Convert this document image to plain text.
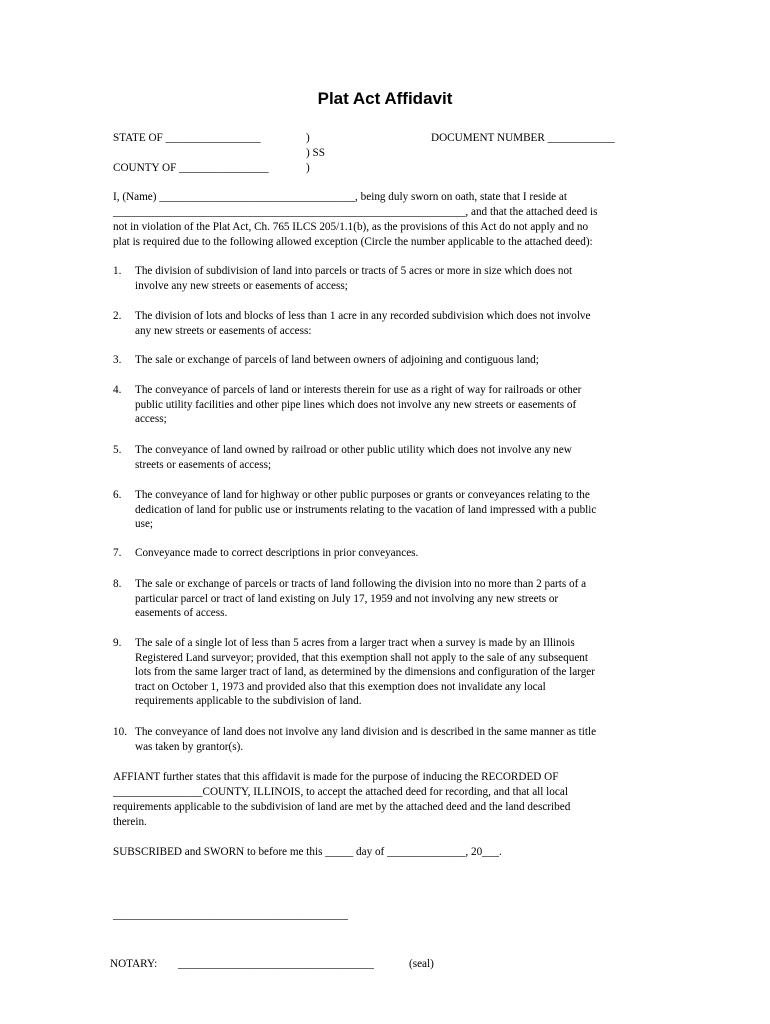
Plat Act Affidavit
STATE OF _________________	)	DOCUMENT NUMBER ____________
) SS
COUNTY OF ________________	)
I, (Name) ___________________________________, being duly sworn on oath, state that I reside at
_______________________________________________________________, and that the attached deed is
not in violation of the Plat Act, Ch. 765 ILCS 205/1.1(b), as the provisions of this Act do not apply and no
plat is required due to the following allowed exception (Circle the number applicable to the attached deed):
1. The division of subdivision of land into parcels or tracts of 5 acres or more in size which does not
involve any new streets or easements of access;
2. The division of lots and blocks of less than 1 acre in any recorded subdivision which does not involve
any new streets or easements of access:
3. The sale or exchange of parcels of land between owners of adjoining and contiguous land;
4. The conveyance of parcels of land or interests therein for use as a right of way for railroads or other
public utility facilities and other pipe lines which does not involve any new streets or easements of
access;
5. The conveyance of land owned by railroad or other public utility which does not involve any new
streets or easements of access;
6. The conveyance of land for highway or other public purposes or grants or conveyances relating to the
dedication of land for public use or instruments relating to the vacation of land impressed with a public
use;
7. Conveyance made to correct descriptions in prior conveyances.
8. The sale or exchange of parcels or tracts of land following the division into no more than 2 parts of a
particular parcel or tract of land existing on July 17, 1959 and not involving any new streets or
easements of access.
9. The sale of a single lot of less than 5 acres from a larger tract when a survey is made by an Illinois
Registered Land surveyor; provided, that this exemption shall not apply to the sale of any subsequent
lots from the same larger tract of land, as determined by the dimensions and configuration of the larger
tract on October 1, 1973 and provided also that this exemption does not invalidate any local
requirements applicable to the subdivision of land.
10. The conveyance of land does not involve any land division and is described in the same manner as title
was taken by grantor(s).
AFFIANT further states that this affidavit is made for the purpose of inducing the RECORDED OF
________________COUNTY, ILLINOIS, to accept the attached deed for recording, and that all local
requirements applicable to the subdivision of land are met by the attached deed and the land described
therein.
SUBSCRIBED and SWORN to before me this _____ day of ______________, 20___.
__________________________________________
NOTARY: ___________________________________	(seal)
